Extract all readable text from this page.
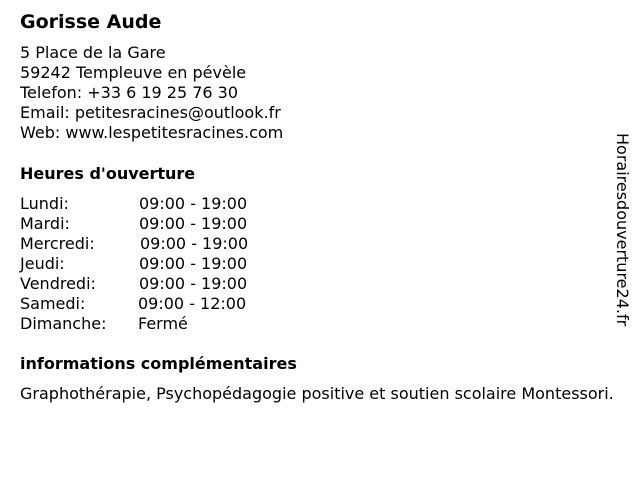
Gorisse Aude
5 Place de la Gare
59242 Templeuve en pévèle
Telefon: +33 6 19 25 76 30
Email: petitesracines@outlook.fr
Web: www.lespetitesracines.com
Heures d'ouverture
Lundi:	09:00 - 19:00
Mardi:	09:00 - 19:00
Mercredi:	09:00 - 19:00
Jeudi:	09:00 - 19:00
Vendredi:	09:00 - 19:00
Samedi:	09:00 - 12:00
Dimanche: Fermé
informations complémentaires
Graphothérapie, Psychopédagogie positive et soutien scolaire Montessori.
Horairesdouverture24.fr
